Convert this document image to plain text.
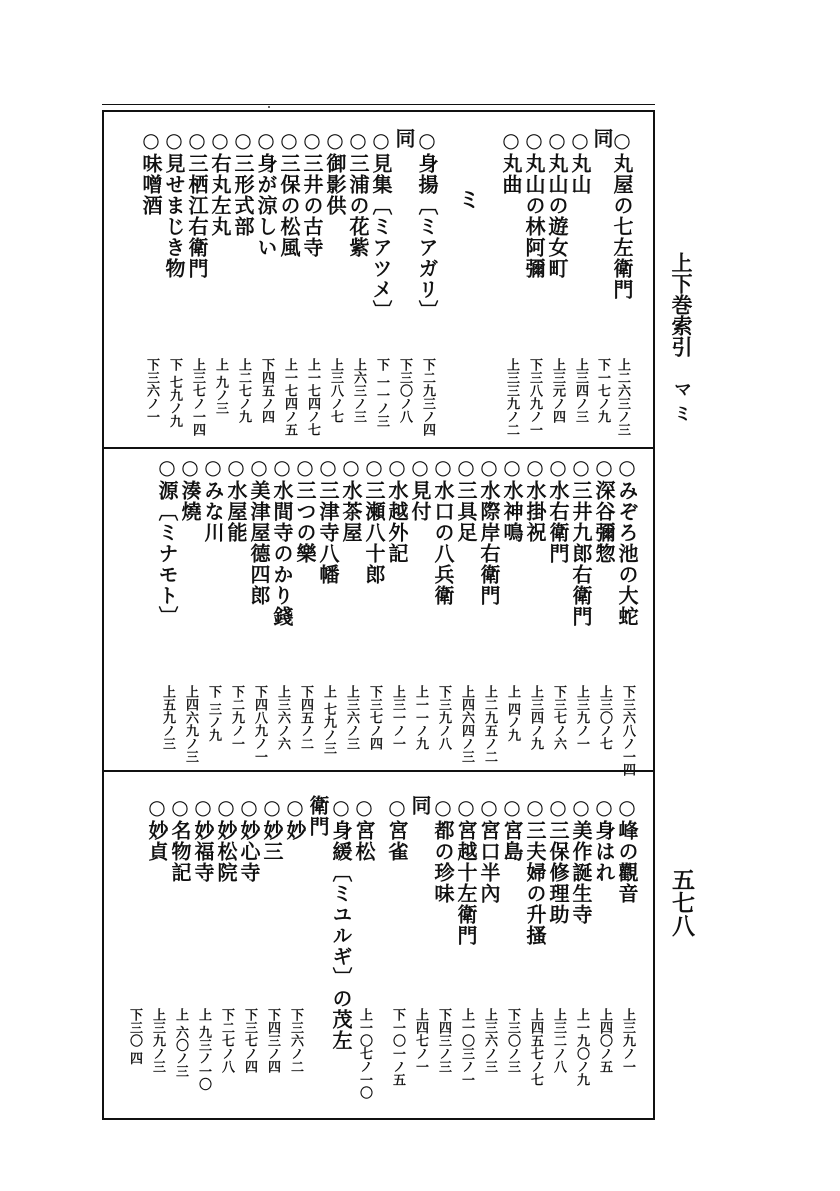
上下巻索引
マ ミ
五七八
○丸屋の七左衛門
上二六三ノ三
同
下一七ノ九
○丸山
上三四ノ三
○丸山の遊女町
上三元ノ四
○丸山の林阿彌
下三八九ノ一
○丸曲
上三三九ノ二
ミ
○身揚〔ミアガリ〕
下二九三ノ四
同
下三〇ノ八
○見集〔ミアツメ〕
下 一一ノ三
○三浦の花紫
上六三ノ三
○御影供
上三八ノ七
○三井の古寺
上一七四ノ七
○三保の松風
上一七四ノ五
○身が涼しい
下四五ノ四
○三形式部
上二七ノ九
○右丸左丸
上 九ノ三
○三栖江右衛門
上三七ノ一四
○見せまじき物
下 七九ノ九
○味噌酒
下三六ノ一
○みぞろ池の大蛇
下三六八ノ一四
○深谷彌惣
上三〇ノ七
○三井九郎右衛門
上三九ノ一
○水右衛門
下三七ノ六
○水掛祝
上三四ノ九
○水神鳴
上 四ノ九
○水際岸右衛門
上二九五ノ二
○三具足
上四六四ノ三
○水口の八兵衛
下三九ノ八
○見付
上一一ノ九
○水越外記
上三一ノ一
○三瀬八十郎
下三七ノ四
○水茶屋
上三六ノ三
○三津寺八幡
上 七九ノ三
○三つの樂
下四五ノ二
○水間寺のかり錢
上三六ノ六
○美津屋德四郎
下四八九ノ一
○水屋能
下二九ノ一
○みな川
下 三ノ九
○湊燒
上四六九ノ三
○源〔ミナモト〕
上五九ノ三
○峰の觀音
上三九ノ一
○身はれ
上四〇ノ五
○美作誕生寺
上一九〇ノ九
○三保修理助
上三二ノ八
○三夫婦の升搔
上四五七ノ七
○宮島
下三〇ノ三
○宮口半內
上三六ノ三
○宮越十左衛門
上一〇三ノ一
○都の珍味
下四三ノ三
同
上四七ノ一
○宮雀
下一〇一ノ五
○宮松
上一〇七ノ一〇
○身緩〔ミユルギ〕の茂左
衛門
○妙
下三六ノ二
○妙三
下四三ノ四
○妙心寺
下三七ノ四
○妙松院
下二七ノ八
○妙福寺
上 九三ノ一〇
○名物記
上 六〇ノ三
○妙貞
上三九ノ三
下三〇 四
